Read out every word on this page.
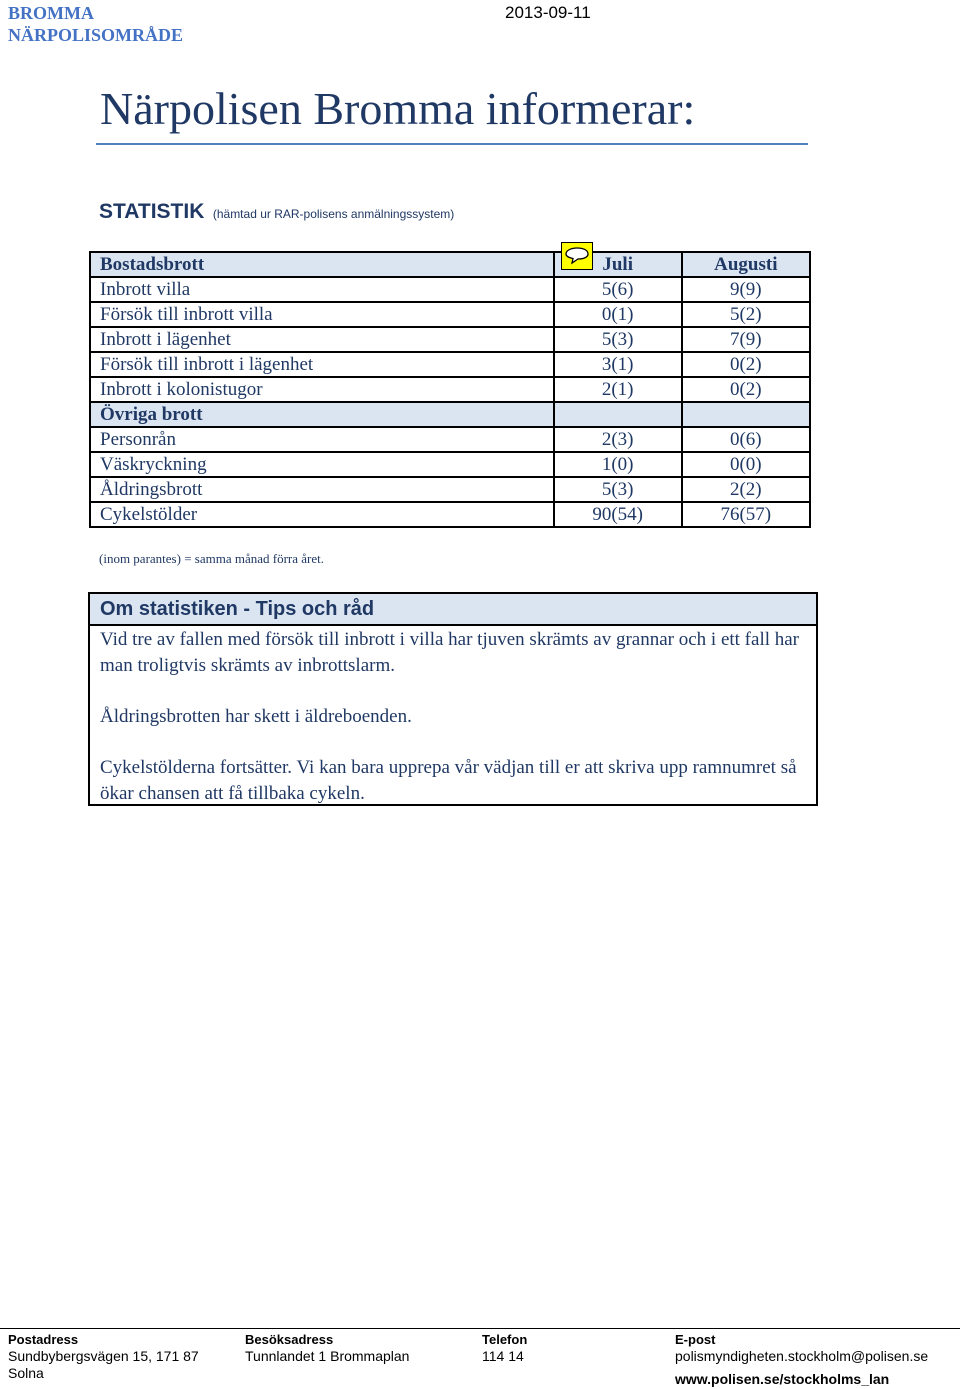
BROMMA
NÄRPOLISOMRÅDE
2013-09-11
Närpolisen Bromma informerar:
STATISTIK (hämtad ur RAR-polisens anmälningssystem)
Bostadsbrott	Juli	Augusti
Inbrott villa	5(6)	9(9)
Försök till inbrott villa	0(1)	5(2)
Inbrott i lägenhet	5(3)	7(9)
Försök till inbrott i lägenhet	3(1)	0(2)
Inbrott i kolonistugor	2(1)	0(2)
Övriga brott		
Personrån	2(3)	0(6)
Väskryckning	1(0)	0(0)
Åldringsbrott	5(3)	2(2)
Cykelstölder	90(54)	76(57)
(inom parantes) = samma månad förra året.
Om statistiken - Tips och råd

Vid tre av fallen med försök till inbrott i villa har tjuven skrämts av grannar och i ett fall har man troligtvis skrämts av inbrottslarm.

Åldringsbrotten har skett i äldreboenden.

Cykelstölderna fortsätter. Vi kan bara upprepa vår vädjan till er att skriva upp ramnumret så ökar chansen att få tillbaka cykeln.

Postadress
Sundbybergsvägen 15, 171 87
Solna
Besöksadress
Tunnlandet 1 Brommaplan
Telefon
114 14
E-post
polismyndigheten.stockholm@polisen.se
www.polisen.se/stockholms_lan
